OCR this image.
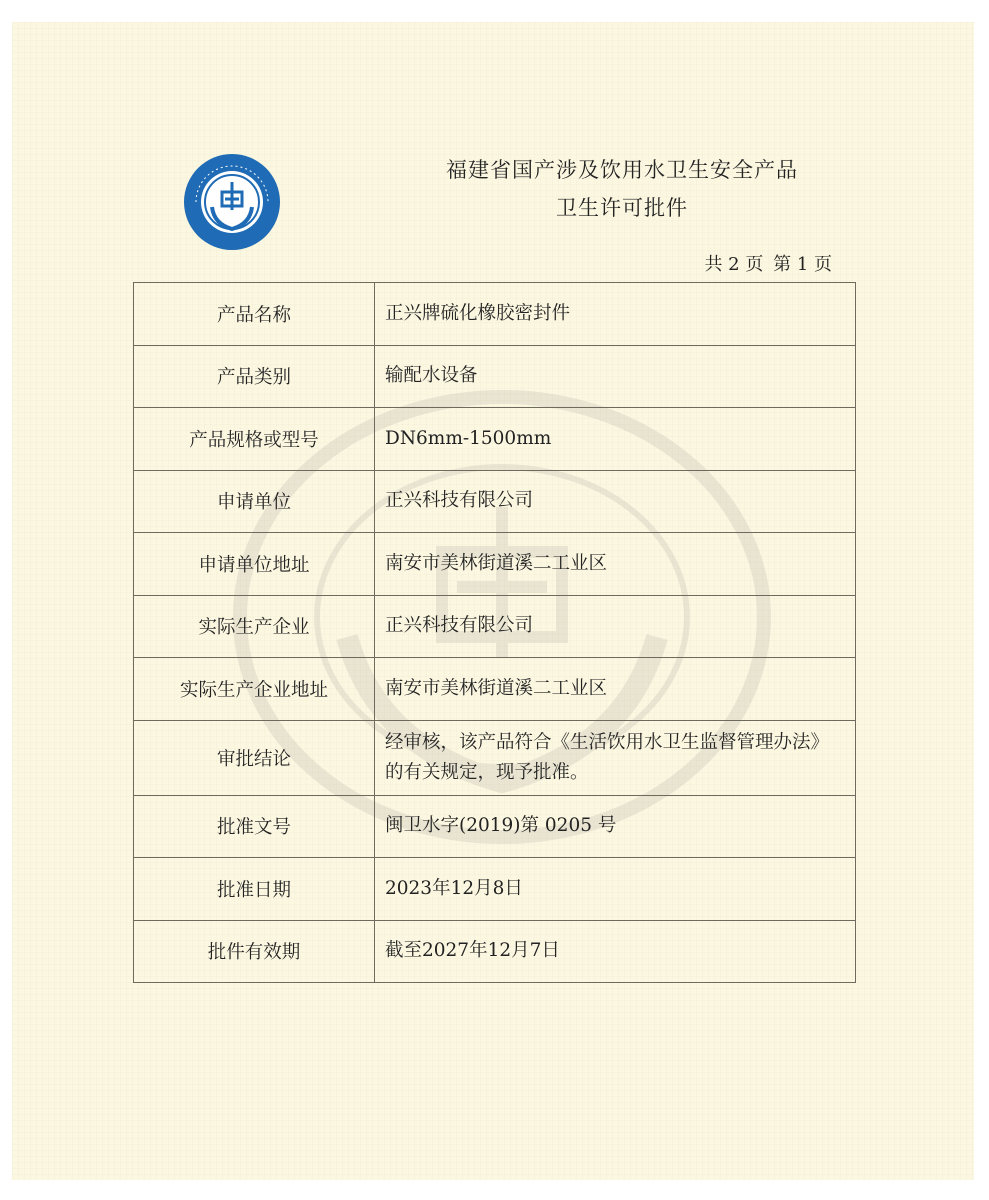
福建省国产涉及饮用水卫生安全产品
卫生许可批件
共 2 页 第 1 页
产品名称	正兴牌硫化橡胶密封件
产品类别	输配水设备
产品规格或型号	DN6mm-1500mm
申请单位	正兴科技有限公司
申请单位地址	南安市美林街道溪二工业区
实际生产企业	正兴科技有限公司
实际生产企业地址	南安市美林街道溪二工业区
审批结论	经审核，该产品符合《生活饮用水卫生监督管理办法》的有关规定，现予批准。
批准文号	闽卫水字(2019)第 0205 号
批准日期	2023年12月8日
批件有效期	截至2027年12月7日
